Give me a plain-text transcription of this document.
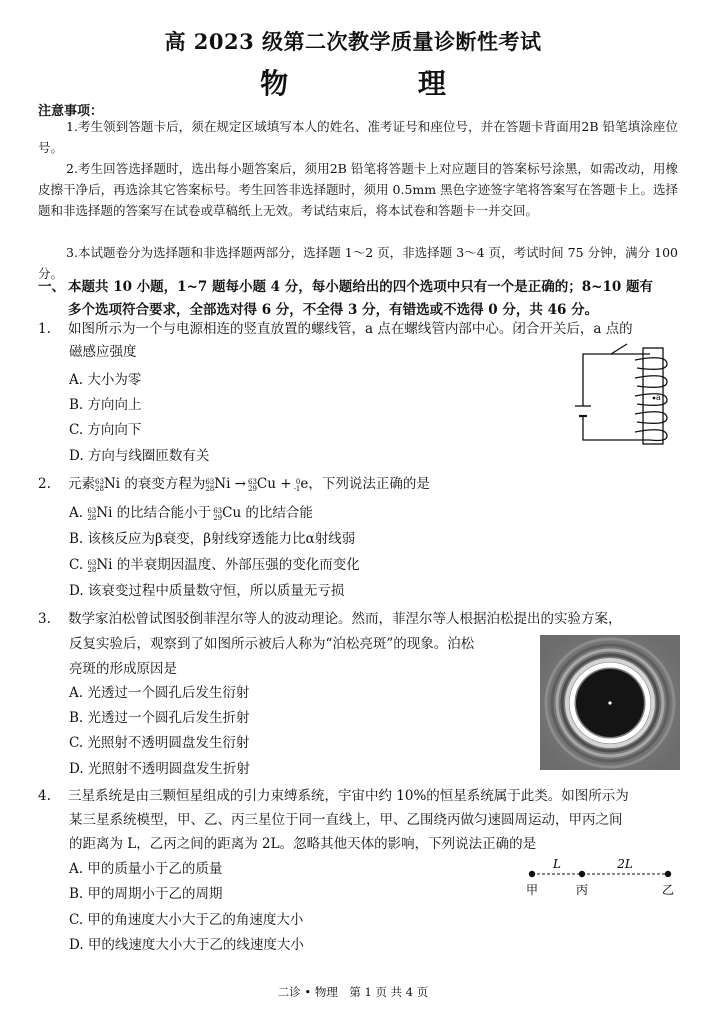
高 2023 级第二次教学质量诊断性考试
物 理
注意事项：
1.考生领到答题卡后，须在规定区域填写本人的姓名、准考证号和座位号，并在答题卡背面用2B 铅笔填涂座位号。
2.考生回答选择题时，选出每小题答案后，须用2B 铅笔将答题卡上对应题目的答案标号涂黑，如需改动，用橡皮擦干净后，再选涂其它答案标号。考生回答非选择题时，须用 0.5mm 黑色字迹签字笔将答案写在答题卡上。选择题和非选择题的答案写在试卷或草稿纸上无效。考试结束后，将本试卷和答题卡一并交回。
3.本试题卷分为选择题和非选择题两部分，选择题 1～2 页，非选择题 3～4 页，考试时间 75 分钟，满分 100 分。
一、 本题共 10 小题，1~7 题每小题 4 分，每小题给出的四个选项中只有一个是正确的；8~10 题有
多个选项符合要求，全部选对得 6 分，不全得 3 分，有错选或不选得 0 分，共 46 分。
1. 如图所示为一个与电源相连的竖直放置的螺线管，a 点在螺线管内部中心。闭合开关后，a 点的
磁感应强度
A. 大小为零
B. 方向向上
C. 方向向下
D. 方向与线圈匝数有关
a
2. 元素63
28Ni 的衰变方程为63
28Ni → 63
29Cu + 0
-1e，下列说法正确的是
A. 63
28Ni 的比结合能小于 63
29Cu 的比结合能
B. 该核反应为β衰变，β射线穿透能力比α射线弱
C. 63
28Ni 的半衰期因温度、外部压强的变化而变化
D. 该衰变过程中质量数守恒，所以质量无亏损
3. 数学家泊松曾试图驳倒菲涅尔等人的波动理论。然而，菲涅尔等人根据泊松提出的实验方案，
反复实验后，观察到了如图所示被后人称为“泊松亮斑”的现象。泊松
亮斑的形成原因是
A. 光透过一个圆孔后发生衍射
B. 光透过一个圆孔后发生折射
C. 光照射不透明圆盘发生衍射
D. 光照射不透明圆盘发生折射
4. 三星系统是由三颗恒星组成的引力束缚系统，宇宙中约 10%的恒星系统属于此类。如图所示为
某三星系统模型，甲、乙、丙三星位于同一直线上，甲、乙围绕丙做匀速圆周运动，甲丙之间
的距离为 L，乙丙之间的距离为 2L。忽略其他天体的影响，下列说法正确的是
A. 甲的质量小于乙的质量
B. 甲的周期小于乙的周期
C. 甲的角速度大小大于乙的角速度大小
D. 甲的线速度大小大于乙的线速度大小
L	2L
甲	丙	乙
二诊 • 物理　第 1 页 共 4 页
